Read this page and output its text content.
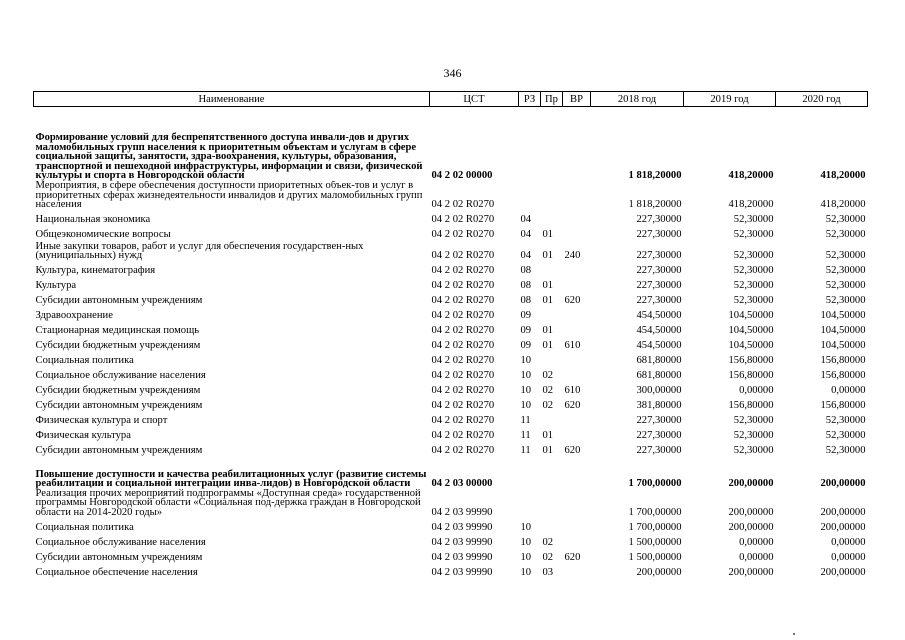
346
Наименование	ЦСТ	РЗ	Пр	ВР	2018 год	2019 год	2020 год
Формирование условий для беспрепятственного доступа инвали-дов и других маломобильных групп населения к приоритетным объектам и услугам в сфере социальной защиты, занятости, здра-воохранения, культуры, образования, транспортной и пешеходной инфраструктуры, информации и связи, физической культуры и спорта в Новгородской области	04 2 02 00000				1 818,20000	418,20000	418,20000
Мероприятия, в сфере обеспечения доступности приоритетных объек-тов и услуг в приоритетных сферах жизнедеятельности инвалидов и других маломобильных групп населения	04 2 02 R0270				1 818,20000	418,20000	418,20000
Национальная экономика	04 2 02 R0270	04			227,30000	52,30000	52,30000
Общеэкономические вопросы	04 2 02 R0270	04	01		227,30000	52,30000	52,30000
Иные закупки товаров, работ и услуг для обеспечения государствен-ных (муниципальных) нужд	04 2 02 R0270	04	01	240	227,30000	52,30000	52,30000
Культура, кинематография	04 2 02 R0270	08			227,30000	52,30000	52,30000
Культура	04 2 02 R0270	08	01		227,30000	52,30000	52,30000
Субсидии автономным учреждениям	04 2 02 R0270	08	01	620	227,30000	52,30000	52,30000
Здравоохранение	04 2 02 R0270	09			454,50000	104,50000	104,50000
Стационарная медицинская помощь	04 2 02 R0270	09	01		454,50000	104,50000	104,50000
Субсидии бюджетным учреждениям	04 2 02 R0270	09	01	610	454,50000	104,50000	104,50000
Социальная политика	04 2 02 R0270	10			681,80000	156,80000	156,80000
Социальное обслуживание населения	04 2 02 R0270	10	02		681,80000	156,80000	156,80000
Субсидии бюджетным учреждениям	04 2 02 R0270	10	02	610	300,00000	0,00000	0,00000
Субсидии автономным учреждениям	04 2 02 R0270	10	02	620	381,80000	156,80000	156,80000
Физическая культура и спорт	04 2 02 R0270	11			227,30000	52,30000	52,30000
Физическая культура	04 2 02 R0270	11	01		227,30000	52,30000	52,30000
Субсидии автономным учреждениям	04 2 02 R0270	11	01	620	227,30000	52,30000	52,30000
Повышение доступности и качества реабилитационных услуг (развитие системы реабилитации и социальной интеграции инва-лидов) в Новгородской области	04 2 03 00000				1 700,00000	200,00000	200,00000
Реализация прочих мероприятий подпрограммы «Доступная среда» государственной программы Новгородской области «Социальная под-держка граждан в Новгородской области на 2014-2020 годы»	04 2 03 99990				1 700,00000	200,00000	200,00000
Социальная политика	04 2 03 99990	10			1 700,00000	200,00000	200,00000
Социальное обслуживание населения	04 2 03 99990	10	02		1 500,00000	0,00000	0,00000
Субсидии автономным учреждениям	04 2 03 99990	10	02	620	1 500,00000	0,00000	0,00000
Социальное обеспечение населения	04 2 03 99990	10	03		200,00000	200,00000	200,00000
